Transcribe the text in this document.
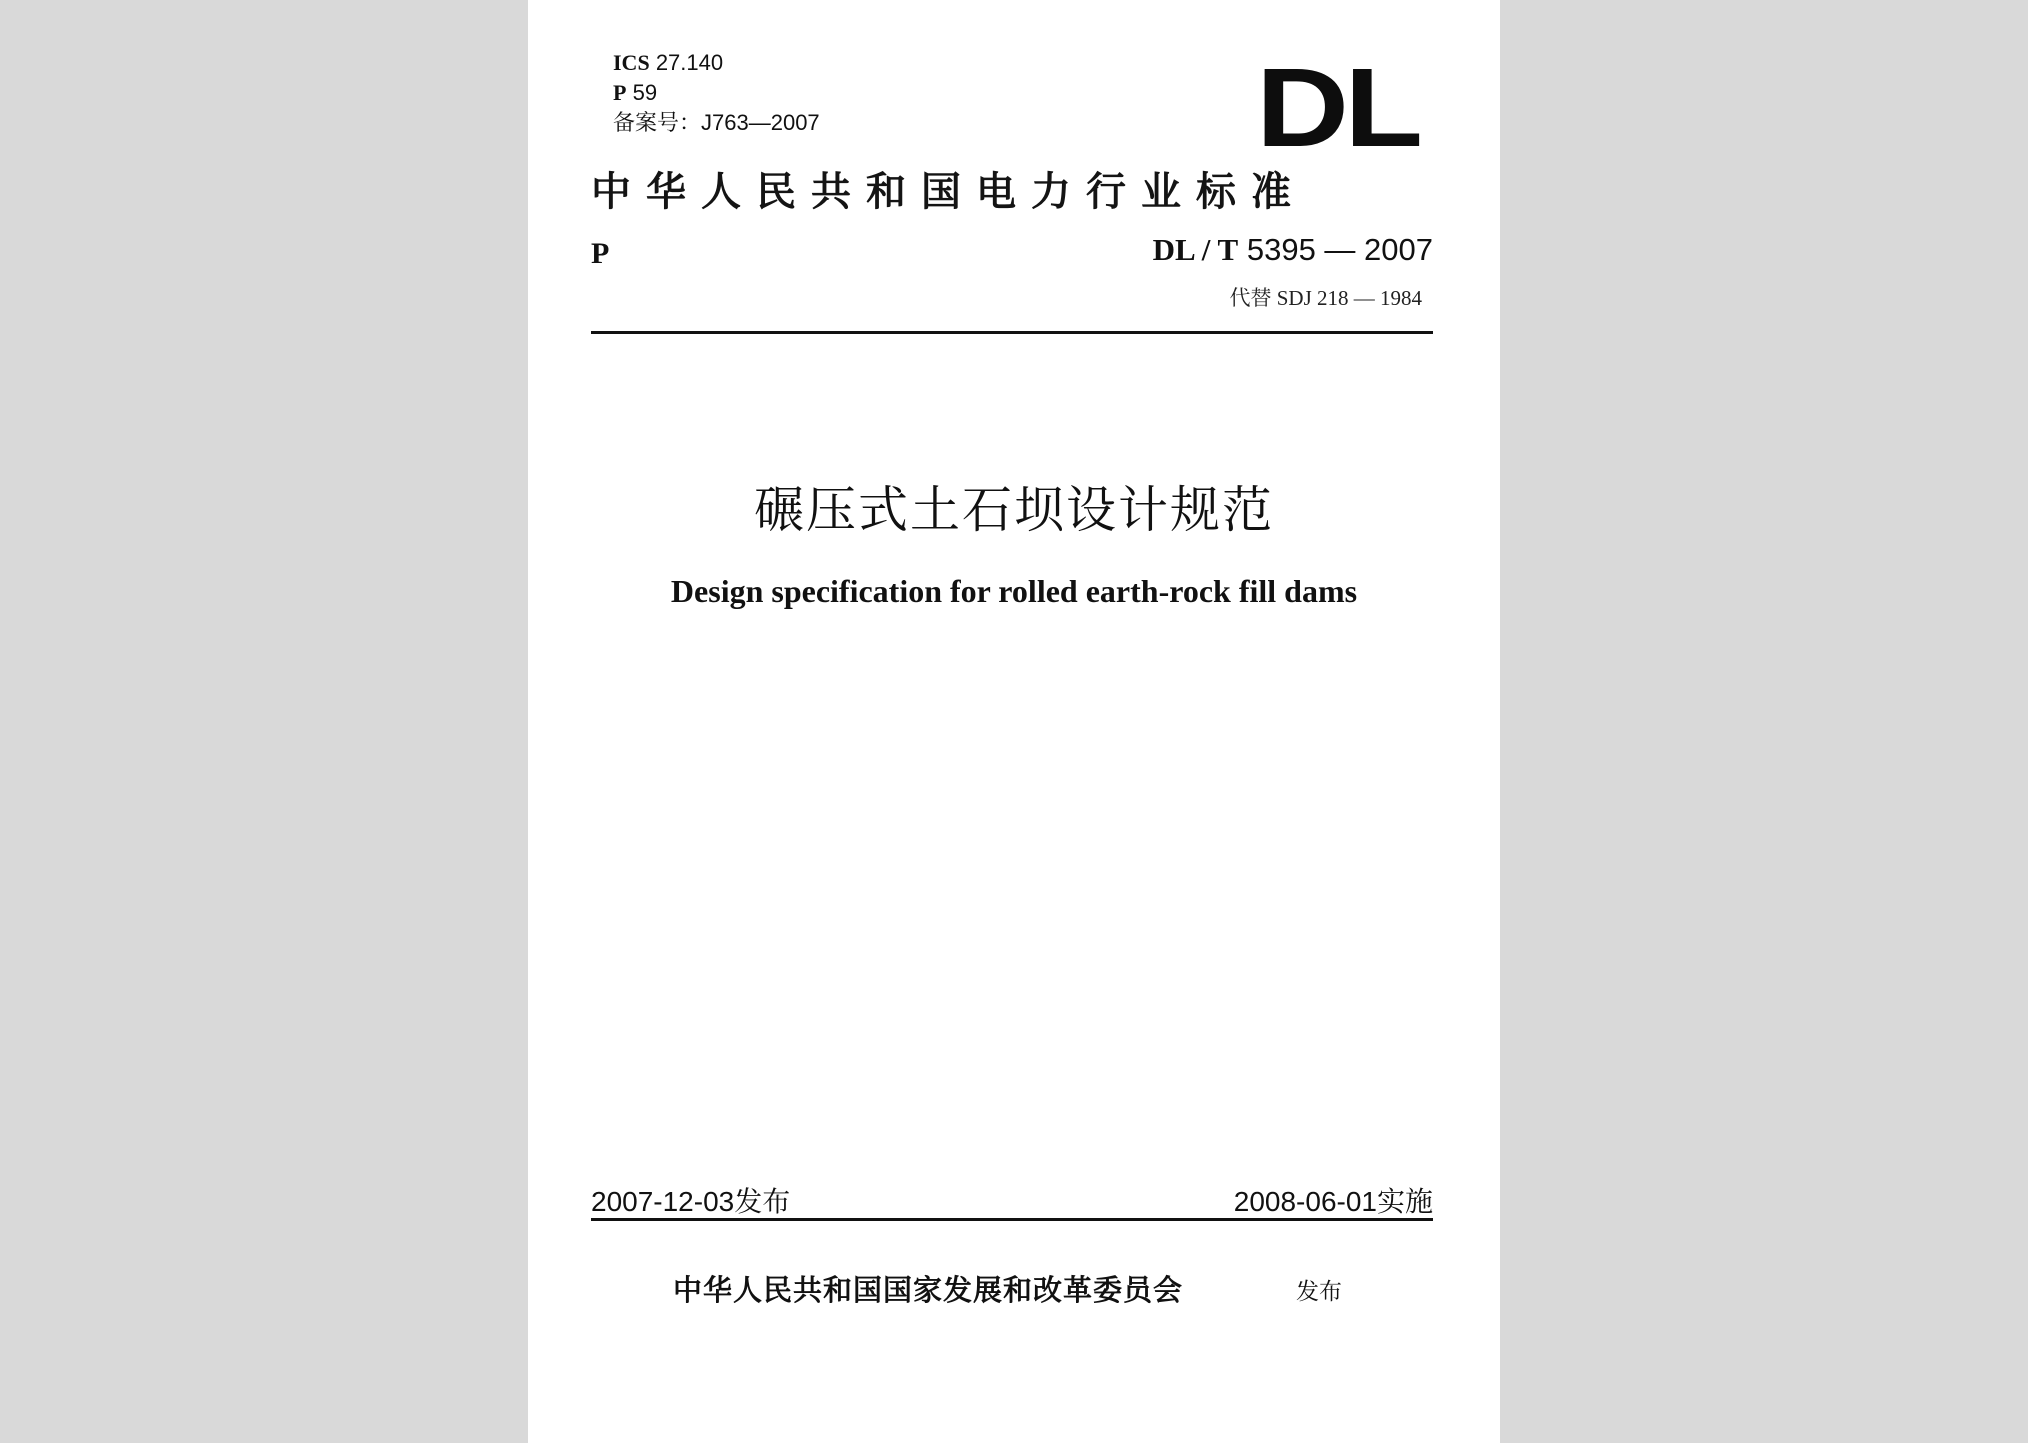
ICS 27.140
P 59
备案号：J763—2007	DL
中华人民共和国电力行业标准
P	DL / T 5395 — 2007
代替 SDJ 218 — 1984
碾压式土石坝设计规范
Design specification for rolled earth-rock fill dams
2007-12-03发布	2008-06-01实施
中华人民共和国国家发展和改革委员会	发布
